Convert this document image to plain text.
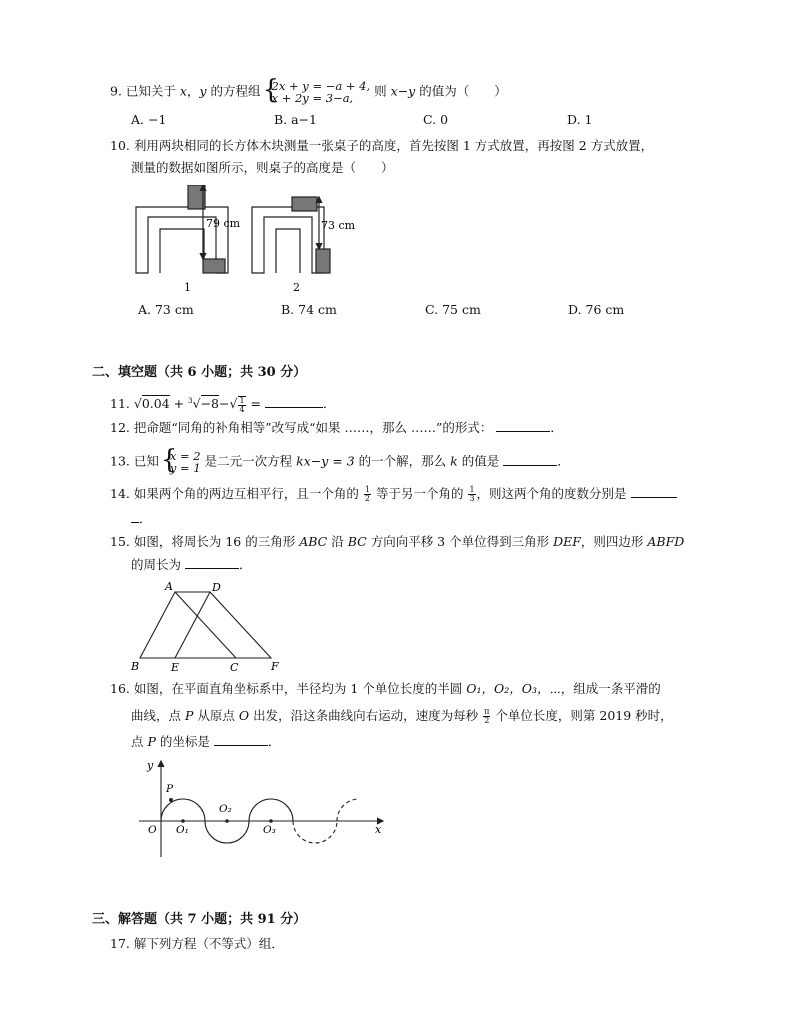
9. 已知关于 x，y 的方程组 { 2x + y = −a + 4,
x + 2y = 3−a,	则 x−y 的值为（　　）
A. −1	B. a−1	C. 0	D. 1
10. 利用两块相同的长方体木块测量一张桌子的高度，首先按图 1 方式放置，再按图 2 方式放置，
测量的数据如图所示，则桌子的高度是（　　）
79 cm
1
73 cm
2
A. 73 cm	B. 74 cm	C. 75 cm	D. 76 cm
二、填空题（共 6 小题；共 30 分）
11. $√0.04 + ^3√-8-√ \frac{1}{4}$ =	．
12. 把命题“同角的补角相等”改写成“如果 ……，那么 ……”的形式：	．
13. 已知 { x = 2
y = 1 是二元一次方程 kx−y = 3 的一个解，那么 k 的值是	．
14. 如果两个角的两边互相平行，且一个角的 $\frac{1}{2}$ 等于另一个角的 $\frac{1}{3}$ ，则这两个角的度数分别是
．
15. 如图，将周长为 16 的三角形 ABC 沿 BC 方向向平移 3 个单位得到三角形 DEF，则四边形 ABFD
的周长为	．
A	D
B	E	C	F
16. 如图，在平面直角坐标系中，半径均为 1 个单位长度的半圆 O₁，O₂，O₃，⋯，组成一条平滑的
曲线，点 P 从原点 O 出发，沿这条曲线向右运动，速度为每秒 $\frac{\pi}{2}$ 个单位长度，则第 2019 秒时，
点 P 的坐标是	．
y
x
P
O O₁
O₂
O₃
三、解答题（共 7 小题；共 91 分）
17. 解下列方程（不等式）组．
